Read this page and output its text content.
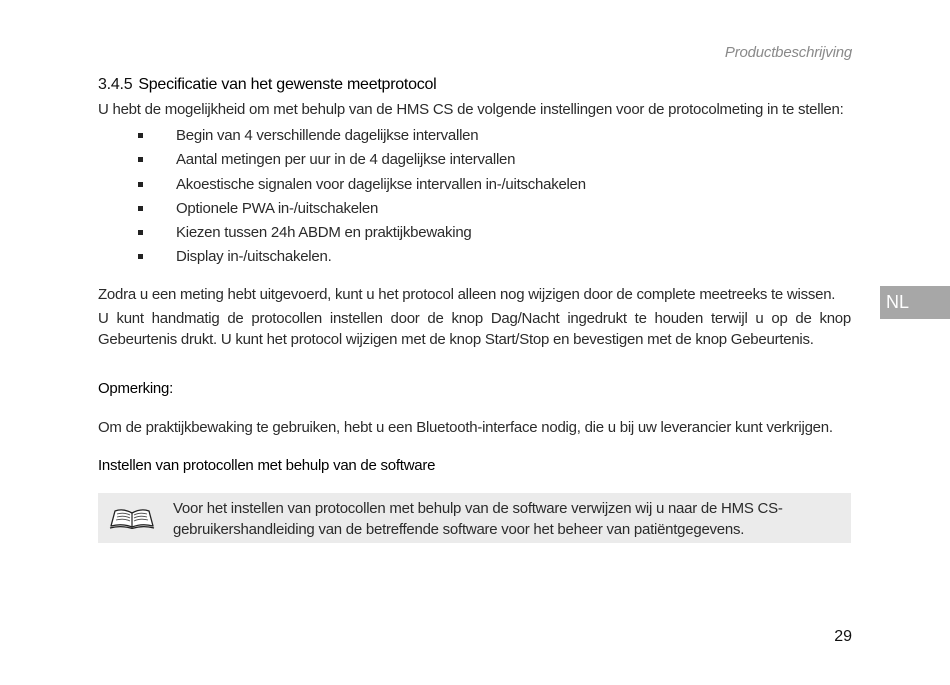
Productbeschrijving
NL
3.4.5 Specificatie van het gewenste meetprotocol

U hebt de mogelijkheid om met behulp van de HMS CS de volgende instellingen voor de protocolmeting in te stellen:

Begin van 4 verschillende dagelijkse intervallen
Aantal metingen per uur in de 4 dagelijkse intervallen
Akoestische signalen voor dagelijkse intervallen in-/uitschakelen
Optionele PWA in-/uitschakelen
Kiezen tussen 24h ABDM en praktijkbewaking
Display in-/uitschakelen.

Zodra u een meting hebt uitgevoerd, kunt u het protocol alleen nog wijzigen door de complete meetreeks te wissen.

U kunt handmatig de protocollen instellen door de knop Dag/Nacht ingedrukt te houden terwijl u op de knop Gebeurtenis drukt. U kunt het protocol wijzigen met de knop Start/Stop en bevestigen met de knop Gebeurtenis.

Opmerking:

Om de praktijkbewaking te gebruiken, hebt u een Bluetooth-interface nodig, die u bij uw leverancier kunt verkrijgen.

Instellen van protocollen met behulp van de software
Voor het instellen van protocollen met behulp van de software verwijzen wij u naar de HMS CS-gebruikershandleiding van de betreffende software voor het beheer van patiëntgegevens.
29
